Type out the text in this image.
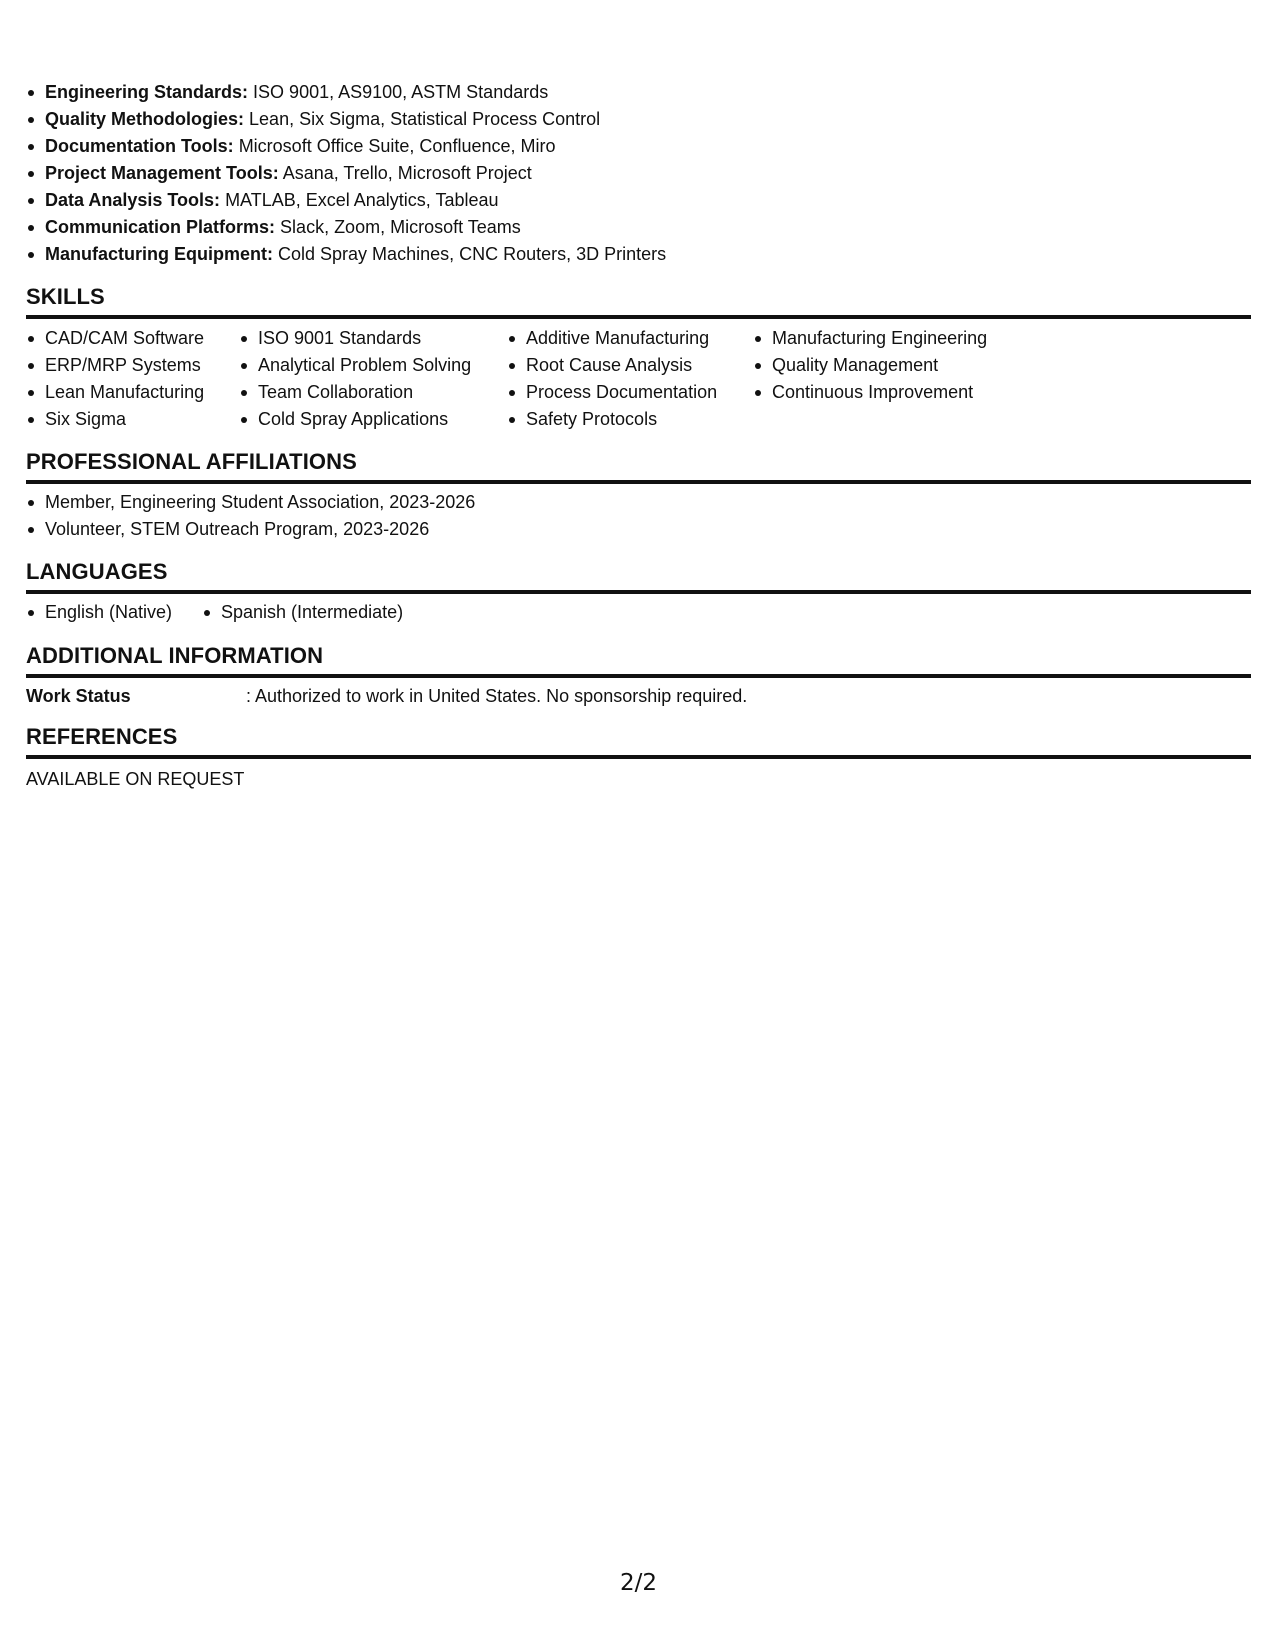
Engineering Standards: ISO 9001, AS9100, ASTM Standards
Quality Methodologies: Lean, Six Sigma, Statistical Process Control
Documentation Tools: Microsoft Office Suite, Confluence, Miro
Project Management Tools: Asana, Trello, Microsoft Project
Data Analysis Tools: MATLAB, Excel Analytics, Tableau
Communication Platforms: Slack, Zoom, Microsoft Teams
Manufacturing Equipment: Cold Spray Machines, CNC Routers, 3D Printers
SKILLS
CAD/CAM Software
ERP/MRP Systems
Lean Manufacturing
Six Sigma
ISO 9001 Standards
Analytical Problem Solving
Team Collaboration
Cold Spray Applications
Additive Manufacturing
Root Cause Analysis
Process Documentation
Safety Protocols
Manufacturing Engineering
Quality Management
Continuous Improvement
PROFESSIONAL AFFILIATIONS
Member, Engineering Student Association, 2023-2026
Volunteer, STEM Outreach Program, 2023-2026
LANGUAGES
English (Native)	Spanish (Intermediate)
ADDITIONAL INFORMATION
Work Status	: Authorized to work in United States. No sponsorship required.
REFERENCES
AVAILABLE ON REQUEST
2/2
